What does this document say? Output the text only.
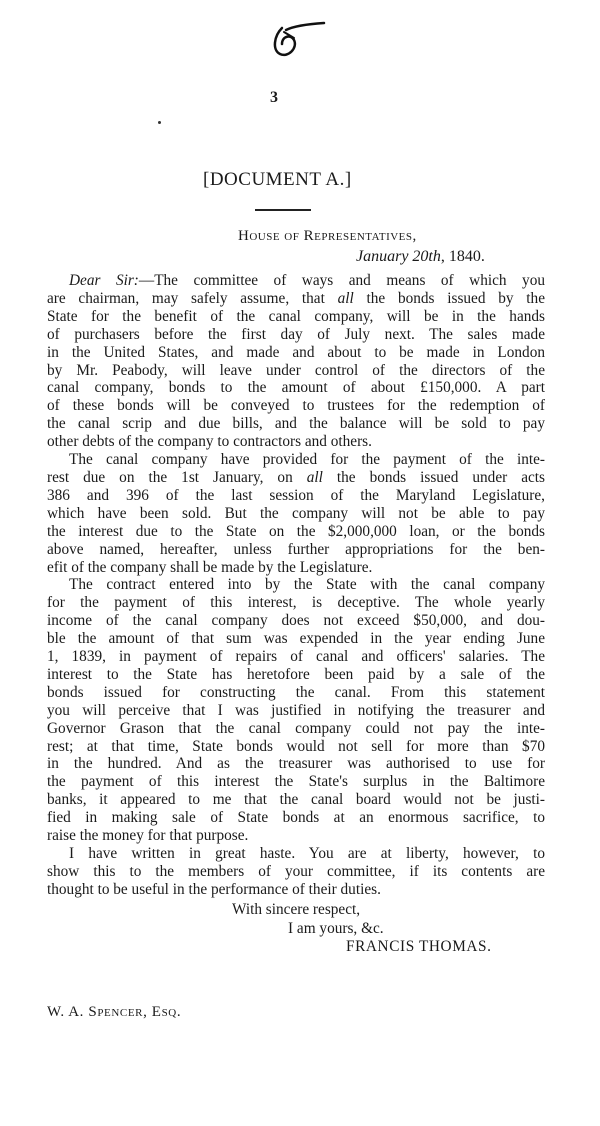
3
[DOCUMENT A.]
House of Representatives,
January 20th, 1840.
Dear Sir:—The committee of ways and means of which you
are chairman, may safely assume, that all the bonds issued by the
State for the benefit of the canal company, will be in the hands
of purchasers before the first day of July next. The sales made
in the United States, and made and about to be made in London
by Mr. Peabody, will leave under control of the directors of the
canal company, bonds to the amount of about £150,000. A part
of these bonds will be conveyed to trustees for the redemption of
the canal scrip and due bills, and the balance will be sold to pay
other debts of the company to contractors and others.
The canal company have provided for the payment of the inte-
rest due on the 1st January, on all the bonds issued under acts
386 and 396 of the last session of the Maryland Legislature,
which have been sold. But the company will not be able to pay
the interest due to the State on the $2,000,000 loan, or the bonds
above named, hereafter, unless further appropriations for the ben-
efit of the company shall be made by the Legislature.
The contract entered into by the State with the canal company
for the payment of this interest, is deceptive. The whole yearly
income of the canal company does not exceed $50,000, and dou-
ble the amount of that sum was expended in the year ending June
1, 1839, in payment of repairs of canal and officers' salaries. The
interest to the State has heretofore been paid by a sale of the
bonds issued for constructing the canal. From this statement
you will perceive that I was justified in notifying the treasurer and
Governor Grason that the canal company could not pay the inte-
rest; at that time, State bonds would not sell for more than $70
in the hundred. And as the treasurer was authorised to use for
the payment of this interest the State's surplus in the Baltimore
banks, it appeared to me that the canal board would not be justi-
fied in making sale of State bonds at an enormous sacrifice, to
raise the money for that purpose.
I have written in great haste. You are at liberty, however, to
show this to the members of your committee, if its contents are
thought to be useful in the performance of their duties.
With sincere respect,
I am yours, &c.
FRANCIS THOMAS.
W. A. Spencer, Esq.
